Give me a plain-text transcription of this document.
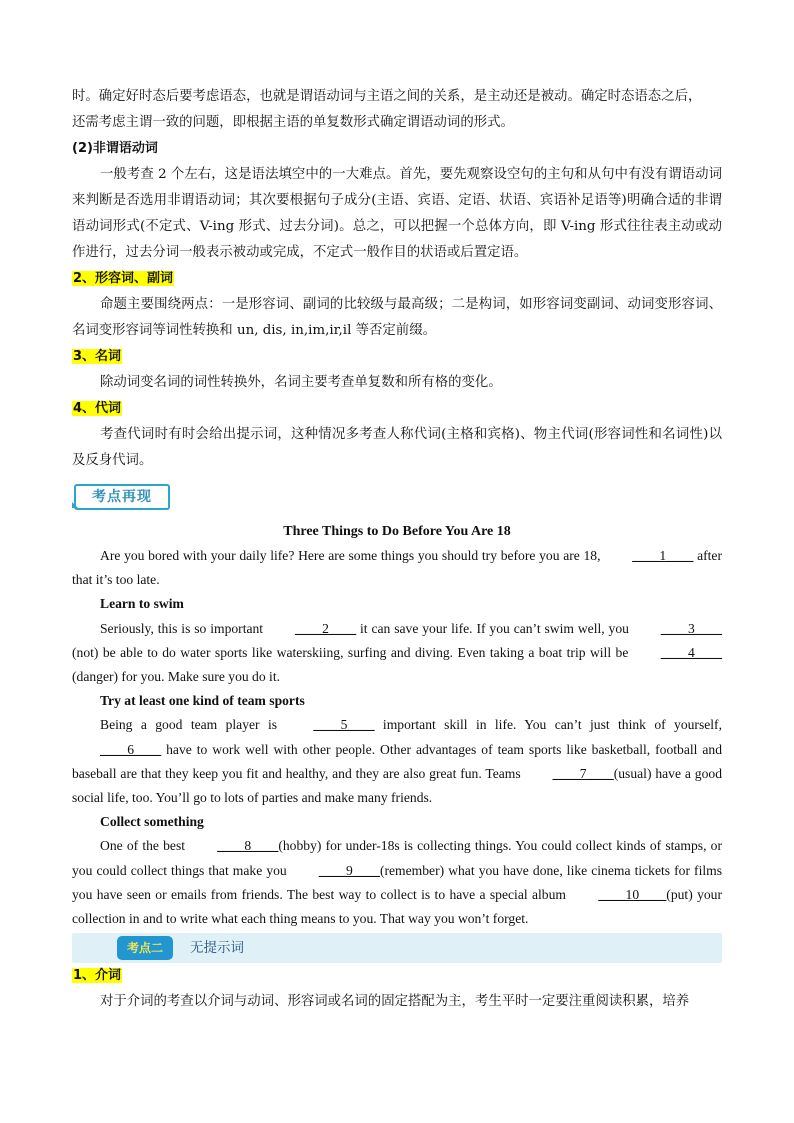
时。确定好时态后要考虑语态，也就是谓语动词与主语之间的关系，是主动还是被动。确定时态语态之后，

还需考虑主谓一致的问题，即根据主语的单复数形式确定谓语动词的形式。

(2)非谓语动词

一般考查 2 个左右，这是语法填空中的一大难点。首先，要先观察设空句的主句和从句中有没有谓语动词来判断是否选用非谓语动词；其次要根据句子成分(主语、宾语、定语、状语、宾语补足语等)明确合适的非谓语动词形式(不定式、V-ing 形式、过去分词)。总之，可以把握一个总体方向，即 V-ing 形式往往表主动或动作进行，过去分词一般表示被动或完成，不定式一般作目的状语或后置定语。

2、形容词、副词

命题主要围绕两点：一是形容词、副词的比较级与最高级；二是构词，如形容词变副词、动词变形容词、名词变形容词等词性转换和 un, dis, in,im,ir,il 等否定前缀。

3、名词

除动词变名词的词性转换外，名词主要考查单复数和所有格的变化。

4、代词

考查代词时有时会给出提示词，这种情况多考查人称代词(主格和宾格)、物主代词(形容词性和名词性)以及反身代词。

考点再现

Three Things to Do Before You Are 18

Are you bored with your daily life? Here are some things you should try before you are 18, ____1____ after that it’s too late.

Learn to swim

Seriously, this is so important ____2____ it can save your life. If you can’t swim well, you ____3____(not) be able to do water sports like waterskiing, surfing and diving. Even taking a boat trip will be ____4____(danger) for you. Make sure you do it.

Try at least one kind of team sports

Being a good team player is ____5____ important skill in life. You can’t just think of yourself, ____6____ have to work well with other people. Other advantages of team sports like basketball, football and baseball are that they keep you fit and healthy, and they are also great fun. Teams ____7____(usual) have a good social life, too. You’ll go to lots of parties and make many friends.

Collect something

One of the best ____8____(hobby) for under-18s is collecting things. You could collect kinds of stamps, or you could collect things that make you ____9____(remember) what you have done, like cinema tickets for films you have seen or emails from friends. The best way to collect is to have a special album ____10____(put) your collection in and to write what each thing means to you. That way you won’t forget.

考点二	无提示词

1、介词

对于介词的考查以介词与动词、形容词或名词的固定搭配为主，考生平时一定要注重阅读积累，培养
